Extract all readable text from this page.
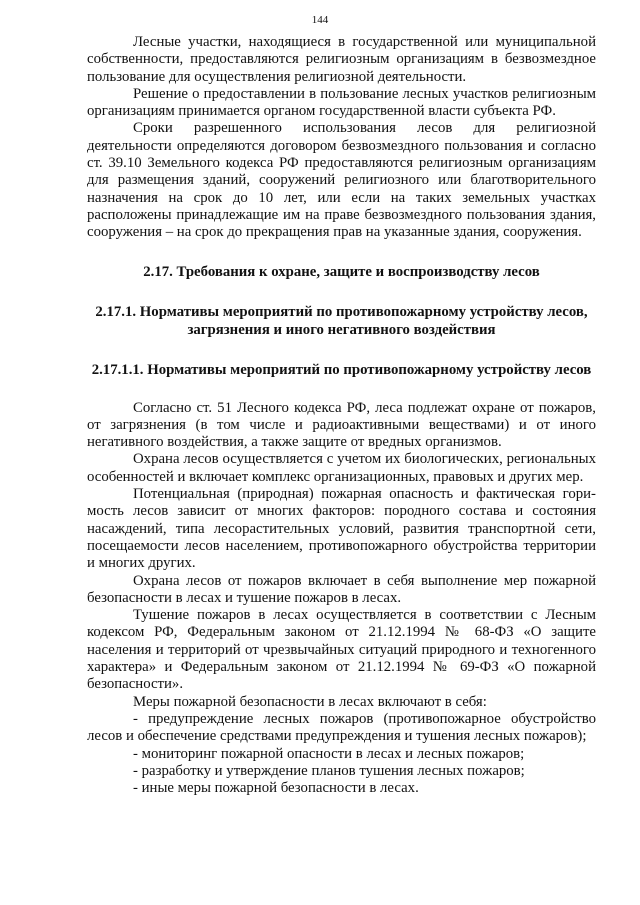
144

Лесные участки, находящиеся в государственной или муниципальной собственности, предоставляются религиозным организациям в безвозмездное пользование для осуществления религиозной деятельности.

Решение о предоставлении в пользование лесных участков религиозным организациям принимается органом государственной власти субъекта РФ.

Сроки разрешенного использования лесов для религиозной деятельности определяются договором безвозмездного пользования и согласно ст. 39.10 Земельного кодекса РФ предоставляются религиозным организациям для размещения зданий, сооружений религиозного или благотворительного назначения на срок до 10 лет, или если на таких земельных участках расположены принадлежащие им на праве безвозмездного пользования здания, сооружения – на срок до прекращения прав на указанные здания, сооружения.

2.17. Требования к охране, защите и воспроизводству лесов
2.17.1. Нормативы мероприятий по противопожарному устройству лесов, загрязнения и иного негативного воздействия
2.17.1.1. Нормативы мероприятий по противопожарному устройству лесов

Согласно ст. 51 Лесного кодекса РФ, леса подлежат охране от пожаров, от загрязнения (в том числе и радиоактивными веществами) и от иного негативного воздействия, а также защите от вредных организмов.

Охрана лесов осуществляется с учетом их биологических, региональных особенностей и включает комплекс организационных, правовых и других мер.

Потенциальная (природная) пожарная опасность и фактическая гори-мость лесов зависит от многих факторов: породного состава и состояния насаждений, типа лесорастительных условий, развития транспортной сети, посещаемости лесов населением, противопожарного обустройства территории и многих других.

Охрана лесов от пожаров включает в себя выполнение мер пожарной безопасности в лесах и тушение пожаров в лесах.

Тушение пожаров в лесах осуществляется в соответствии с Лесным кодексом РФ, Федеральным законом от 21.12.1994 № 68-ФЗ «О защите населения и территорий от чрезвычайных ситуаций природного и техногенного характера» и Федеральным законом от 21.12.1994 № 69-ФЗ «О пожарной безопасности».

Меры пожарной безопасности в лесах включают в себя:

- предупреждение лесных пожаров (противопожарное обустройство лесов и обеспечение средствами предупреждения и тушения лесных пожаров);

- мониторинг пожарной опасности в лесах и лесных пожаров;

- разработку и утверждение планов тушения лесных пожаров;

- иные меры пожарной безопасности в лесах.
